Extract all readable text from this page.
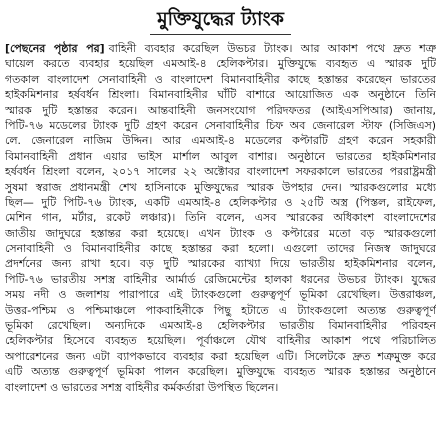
মুক্তিযুদ্ধের ট্যাংক
[পেছনের পৃষ্ঠার পর] বাহিনী ব্যবহার করেছিল উভচর ট্যাংক। আর আকাশ পথে দ্রুত শত্রু
ঘায়েল করতে ব্যবহার হয়েছিল এমআই-৪ হেলিকপ্টার। মুক্তিযুদ্ধে ব্যবহৃত এ স্মারক দুটি
গতকাল বাংলাদেশ সেনাবাহিনী ও বাংলাদেশ বিমানবাহিনীর কাছে হস্তান্তর করেছেন ভারতের
হাইকমিশনার হর্ষবর্ধন শ্রিংলা। বিমানবাহিনীর ঘাঁটি বাশারে আয়োজিত এক অনুষ্ঠানে তিনি
স্মারক দুটি হস্তান্তর করেন। আন্তবাহিনী জনসংযোগ পরিদফতর (আইএসপিআর) জানায়,
পিটি-৭৬ মডেলের ট্যাংক দুটি গ্রহণ করেন সেনাবাহিনীর চিফ অব জেনারেল স্টাফ (সিজিএস)
লে. জেনারেল নাজিম উদ্দিন। আর এমআই-৪ মডেলের কপ্টারটি গ্রহণ করেন সহকারী
বিমানবাহিনী প্রধান এয়ার ভাইস মার্শাল আবুল বাশার। অনুষ্ঠানে ভারতের হাইকমিশনার
হর্ষবর্ধন শ্রিংলা বলেন, ২০১৭ সালের ২২ অক্টোবর বাংলাদেশ সফরকালে ভারতের পররাষ্ট্রমন্ত্রী
সুষমা স্বরাজ প্রধানমন্ত্রী শেখ হাসিনাকে মুক্তিযুদ্ধের স্মারক উপহার দেন। স্মারকগুলোর মধ্যে
ছিল— দুটি পিটি-৭৬ ট্যাংক, একটি এমআই-৪ হেলিকপ্টার ও ২৫টি অস্ত্র (পিস্তল, রাইফেল,
মেশিন গান, মর্টার, রকেট লঞ্চার)। তিনি বলেন, এসব স্মারকের অধিকাংশ বাংলাদেশের
জাতীয় জাদুঘরে হস্তান্তর করা হয়েছে। এখন ট্যাংক ও কপ্টারের মতো বড় স্মারকগুলো
সেনাবাহিনী ও বিমানবাহিনীর কাছে হস্তান্তর করা হলো। এগুলো তাদের নিজস্ব জাদুঘরে
প্রদর্শনের জন্য রাখা হবে। বড় দুটি স্মারকের ব্যাখ্যা দিয়ে ভারতীয় হাইকমিশনার বলেন,
পিটি-৭৬ ভারতীয় সশস্ত্র বাহিনীর আর্মার্ড রেজিমেন্টের হালকা ধরনের উভচর ট্যাংক। যুদ্ধের
সময় নদী ও জলাশয় পারাপারে এই ট্যাংকগুলো গুরুত্বপূর্ণ ভূমিকা রেখেছিল। উত্তরাঞ্চল,
উত্তর-পশ্চিম ও পশ্চিমাঞ্চলে পাকবাহিনীকে পিছু হটাতে এ ট্যাংকগুলো অত্যন্ত গুরুত্বপূর্ণ
ভূমিকা রেখেছিল। অন্যদিকে এমআই-৪ হেলিকপ্টার ভারতীয় বিমানবাহিনীর পরিবহন
হেলিকপ্টার হিসেবে ব্যবহৃত হয়েছিল। পূর্বাঞ্চলে যৌথ বাহিনীর আকাশ পথে পরিচালিত
অপারেশনের জন্য এটা ব্যাপকভাবে ব্যবহার করা হয়েছিল এটি। সিলেটকে দ্রুত শত্রুমুক্ত করে
এটি অত্যন্ত গুরুত্বপূর্ণ ভূমিকা পালন করেছিল। মুক্তিযুদ্ধে ব্যবহৃত স্মারক হস্তান্তর অনুষ্ঠানে
বাংলাদেশ ও ভারতের সশস্ত্র বাহিনীর কর্মকর্তারা উপস্থিত ছিলেন।
